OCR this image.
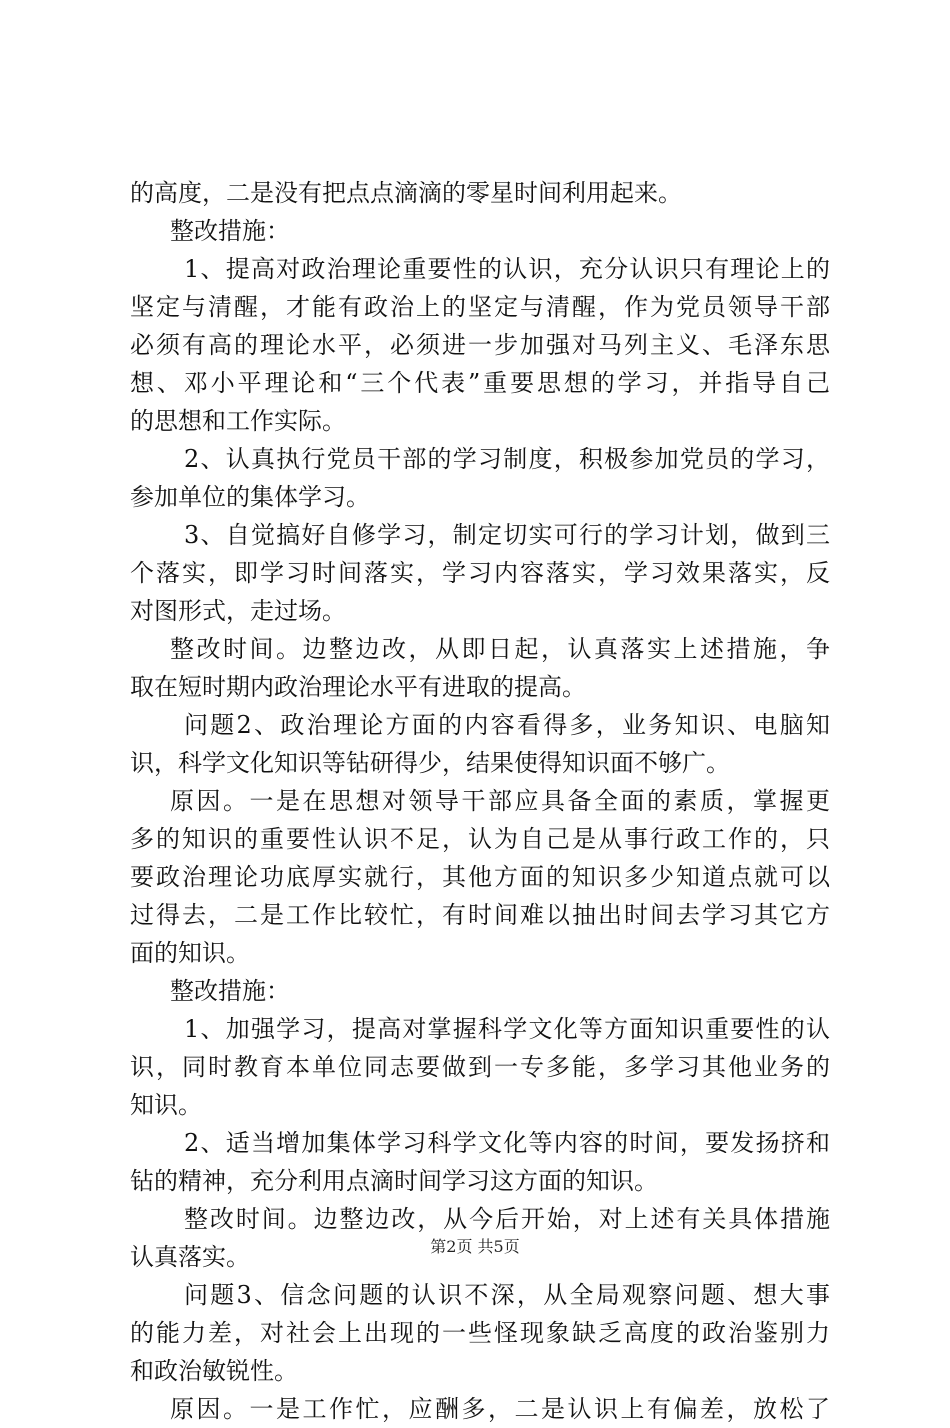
的高度，二是没有把点点滴滴的零星时间利用起来。
整改措施：
1、提高对政治理论重要性的认识，充分认识只有理论上的
坚定与清醒，才能有政治上的坚定与清醒，作为党员领导干部
必须有高的理论水平，必须进一步加强对马列主义、毛泽东思
想、邓小平理论和“三个代表”重要思想的学习，并指导自己
的思想和工作实际。
2、认真执行党员干部的学习制度，积极参加党员的学习，
参加单位的集体学习。
3、自觉搞好自修学习，制定切实可行的学习计划，做到三
个落实，即学习时间落实，学习内容落实，学习效果落实，反
对图形式，走过场。
整改时间。边整边改，从即日起，认真落实上述措施，争
取在短时期内政治理论水平有进取的提高。
问题2、政治理论方面的内容看得多，业务知识、电脑知
识，科学文化知识等钻研得少，结果使得知识面不够广。
原因。一是在思想对领导干部应具备全面的素质，掌握更
多的知识的重要性认识不足，认为自己是从事行政工作的，只
要政治理论功底厚实就行，其他方面的知识多少知道点就可以
过得去，二是工作比较忙，有时间难以抽出时间去学习其它方
面的知识。
整改措施：
1、加强学习，提高对掌握科学文化等方面知识重要性的认
识，同时教育本单位同志要做到一专多能，多学习其他业务的
知识。
2、适当增加集体学习科学文化等内容的时间，要发扬挤和
钻的精神，充分利用点滴时间学习这方面的知识。
整改时间。边整边改，从今后开始，对上述有关具体措施
认真落实。
问题3、信念问题的认识不深，从全局观察问题、想大事
的能力差，对社会上出现的一些怪现象缺乏高度的政治鉴别力
和政治敏锐性。
原因。一是工作忙，应酬多，二是认识上有偏差，放松了
第2页 共5页
